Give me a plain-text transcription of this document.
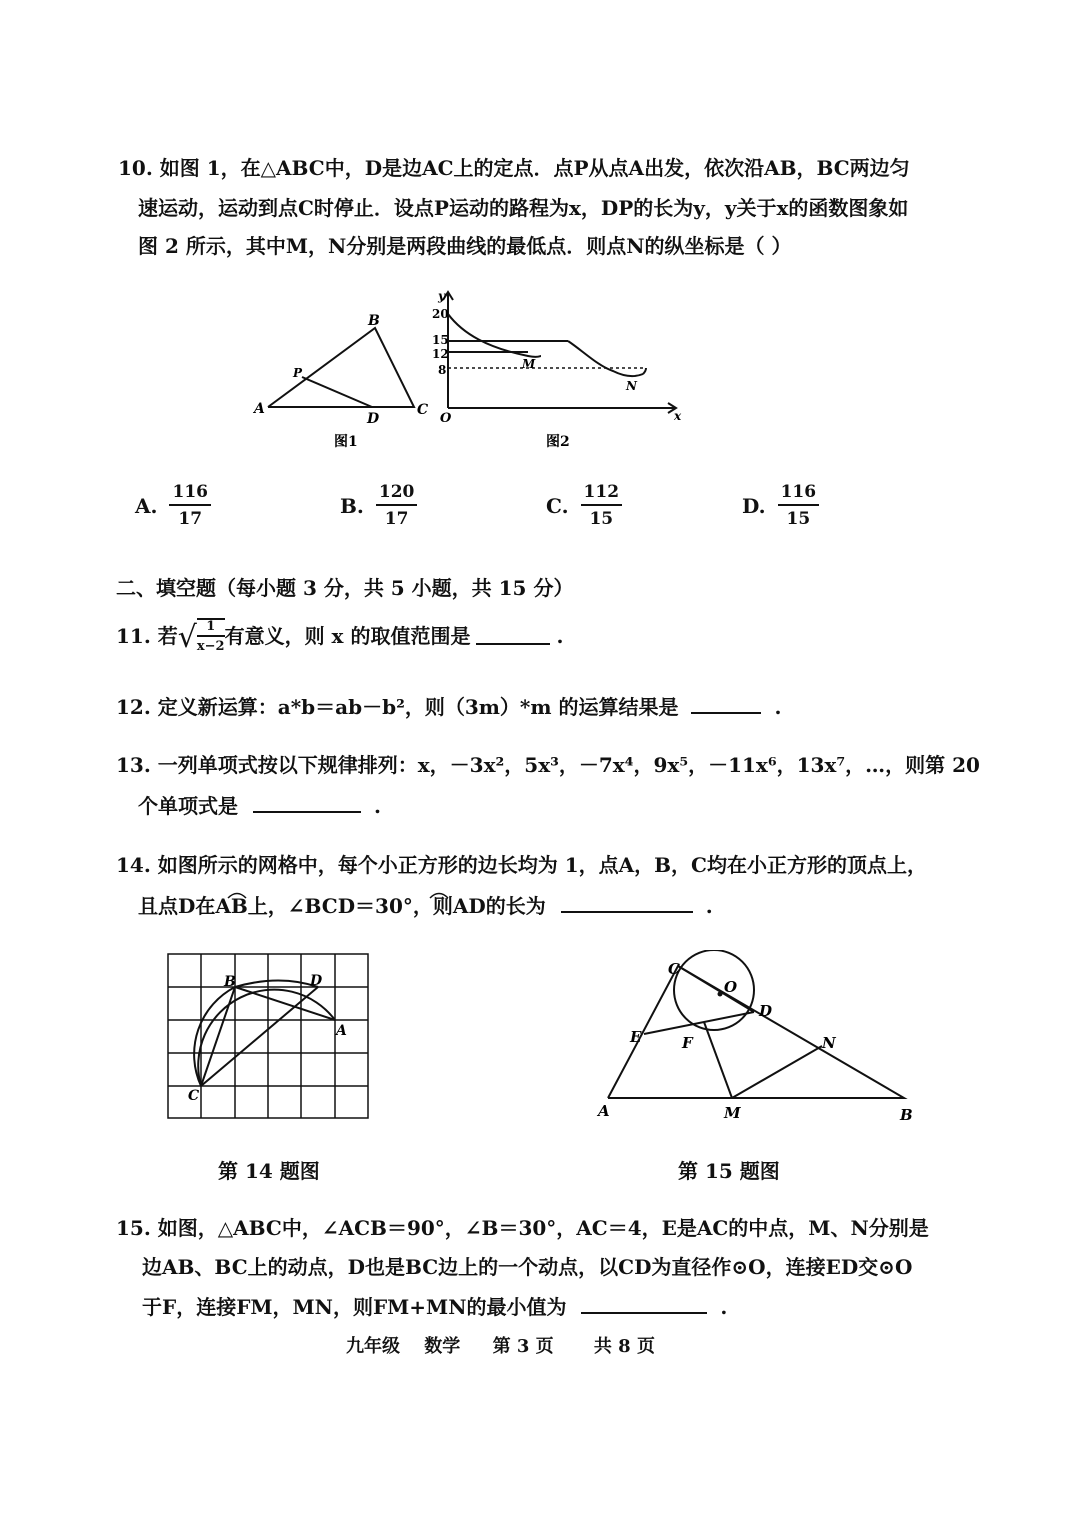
10. 如图 1，在△ABC中，D是边AC上的定点．点P从点A出发，依次沿AB，BC两边匀
速运动，运动到点C时停止．设点P运动的路程为x，DP的长为y，y关于x的函数图象如
图 2 所示，其中M，N分别是两段曲线的最低点．则点N的纵坐标是（ ）
A
B
C
D
P
图1
y
20
15
12
8
O	x
M
N
图2
A. $\frac{116}{17}$	B. $\frac{120}{17}$	C. $\frac{112}{15}$	D. $\frac{116}{15}$
二、填空题（每小题 3 分，共 5 小题，共 15 分）
11. 若 √ $\frac{1}{x-2}$ 有意义，则 x 的取值范围是	.
12. 定义新运算：a*b＝ab－b²，则（3m）*m 的运算结果是	.
13. 一列单项式按以下规律排列：x，－3x²，5x³，－7x⁴，9x⁵，－11x⁶，13x⁷，…，则第 20
个单项式是	.
14. 如图所示的网格中，每个小正方形的边长均为 1，点A，B，C均在小正方形的顶点上，
且点D在AB上，∠BCD＝30°，则AD的长为	.
B	D
A
C
第 14 题图
C
O
D
E	F	N
A	M	B
第 15 题图
15. 如图，△ABC中，∠ACB＝90°，∠B＝30°，AC＝4，E是AC的中点，M、N分别是
边AB、BC上的动点，D也是BC边上的一个动点，以CD为直径作⊙O，连接ED交⊙O
于F，连接FM，MN，则FM+MN的最小值为	.
九年级 数学 第 3 页 共 8 页
